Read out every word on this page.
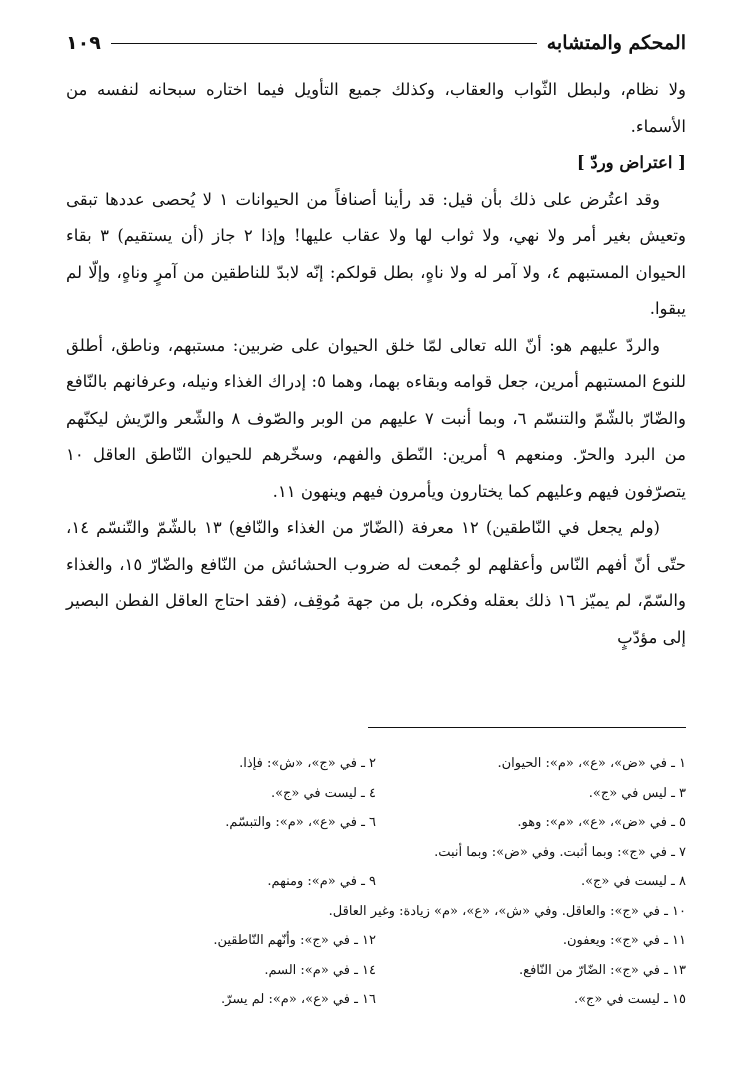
المحكم والمتشابه
١٠٩

ولا نظام، ولبطل الثّواب والعقاب، وكذلك جميع التأويل فيما اختاره سبحانه لنفسه من الأسماء.

[ اعتراض وردّ ]

وقد اعتُرض على ذلك بأن قيل: قد رأينا أصنافاً من الحيوانات ١ لا يُحصى عددها تبقى وتعيش بغير أمر ولا نهي، ولا ثواب لها ولا عقاب عليها! وإذا ٢ جاز (أن يستقيم) ٣ بقاء الحيوان المستبهم ٤، ولا آمر له ولا ناهٍ، بطل قولكم: إنّه لابدّ للناطقين من آمرٍ وناهٍ، وإلّا لم يبقوا.

والردّ عليهم هو: أنّ الله تعالى لمّا خلق الحيوان على ضربين: مستبهم، وناطق، أطلق للنوع المستبهم أمرين، جعل قوامه وبقاءه بهما، وهما ٥: إدراك الغذاء ونيله، وعرفانهم بالنّافع والضّارّ بالشّمّ والتنسّم ٦، وبما أنبت ٧ عليهم من الوبر والصّوف ٨ والشّعر والرّيش ليكنّهم من البرد والحرّ. ومنعهم ٩ أمرين: النّطق والفهم، وسخّرهم للحيوان النّاطق العاقل ١٠ يتصرّفون فيهم وعليهم كما يختارون ويأمرون فيهم وينهون ١١.

(ولم يجعل في النّاطقين) ١٢ معرفة (الضّارّ من الغذاء والنّافع) ١٣ بالشّمّ والتّنسّم ١٤، حتّى أنّ أفهم النّاس وأعقلهم لو جُمعت له ضروب الحشائش من النّافع والضّارّ ١٥، والغذاء والسّمّ، لم يميّز ١٦ ذلك بعقله وفكره، بل من جهة مُوقِف، (فقد احتاج العاقل الفطن البصير إلى مؤدّبٍ

١ ـ في «ض»، «ع»، «م»: الحيوان.
٢ ـ في «ج»، «ش»: فإذا.
٣ ـ ليس في «ج».
٤ ـ ليست في «ج».
٥ ـ في «ض»، «ع»، «م»: وهو.
٦ ـ في «ع»، «م»: والتبسّم.
٧ ـ في «ج»: وبما أثبت. وفي «ض»: وبما أنبت.
٨ ـ ليست في «ج».
٩ ـ في «م»: ومنهم.
١٠ ـ في «ج»: والعاقل. وفي «ش»، «ع»، «م» زيادة: وغير العاقل.
١١ ـ في «ج»: ويعفون.
١٢ ـ في «ج»: وأنّهم النّاطقين.
١٣ ـ في «ج»: الضّارّ من النّافع.
١٤ ـ في «م»: السم.
١٥ ـ ليست في «ج».
١٦ ـ في «ع»، «م»: لم يسرّ.
